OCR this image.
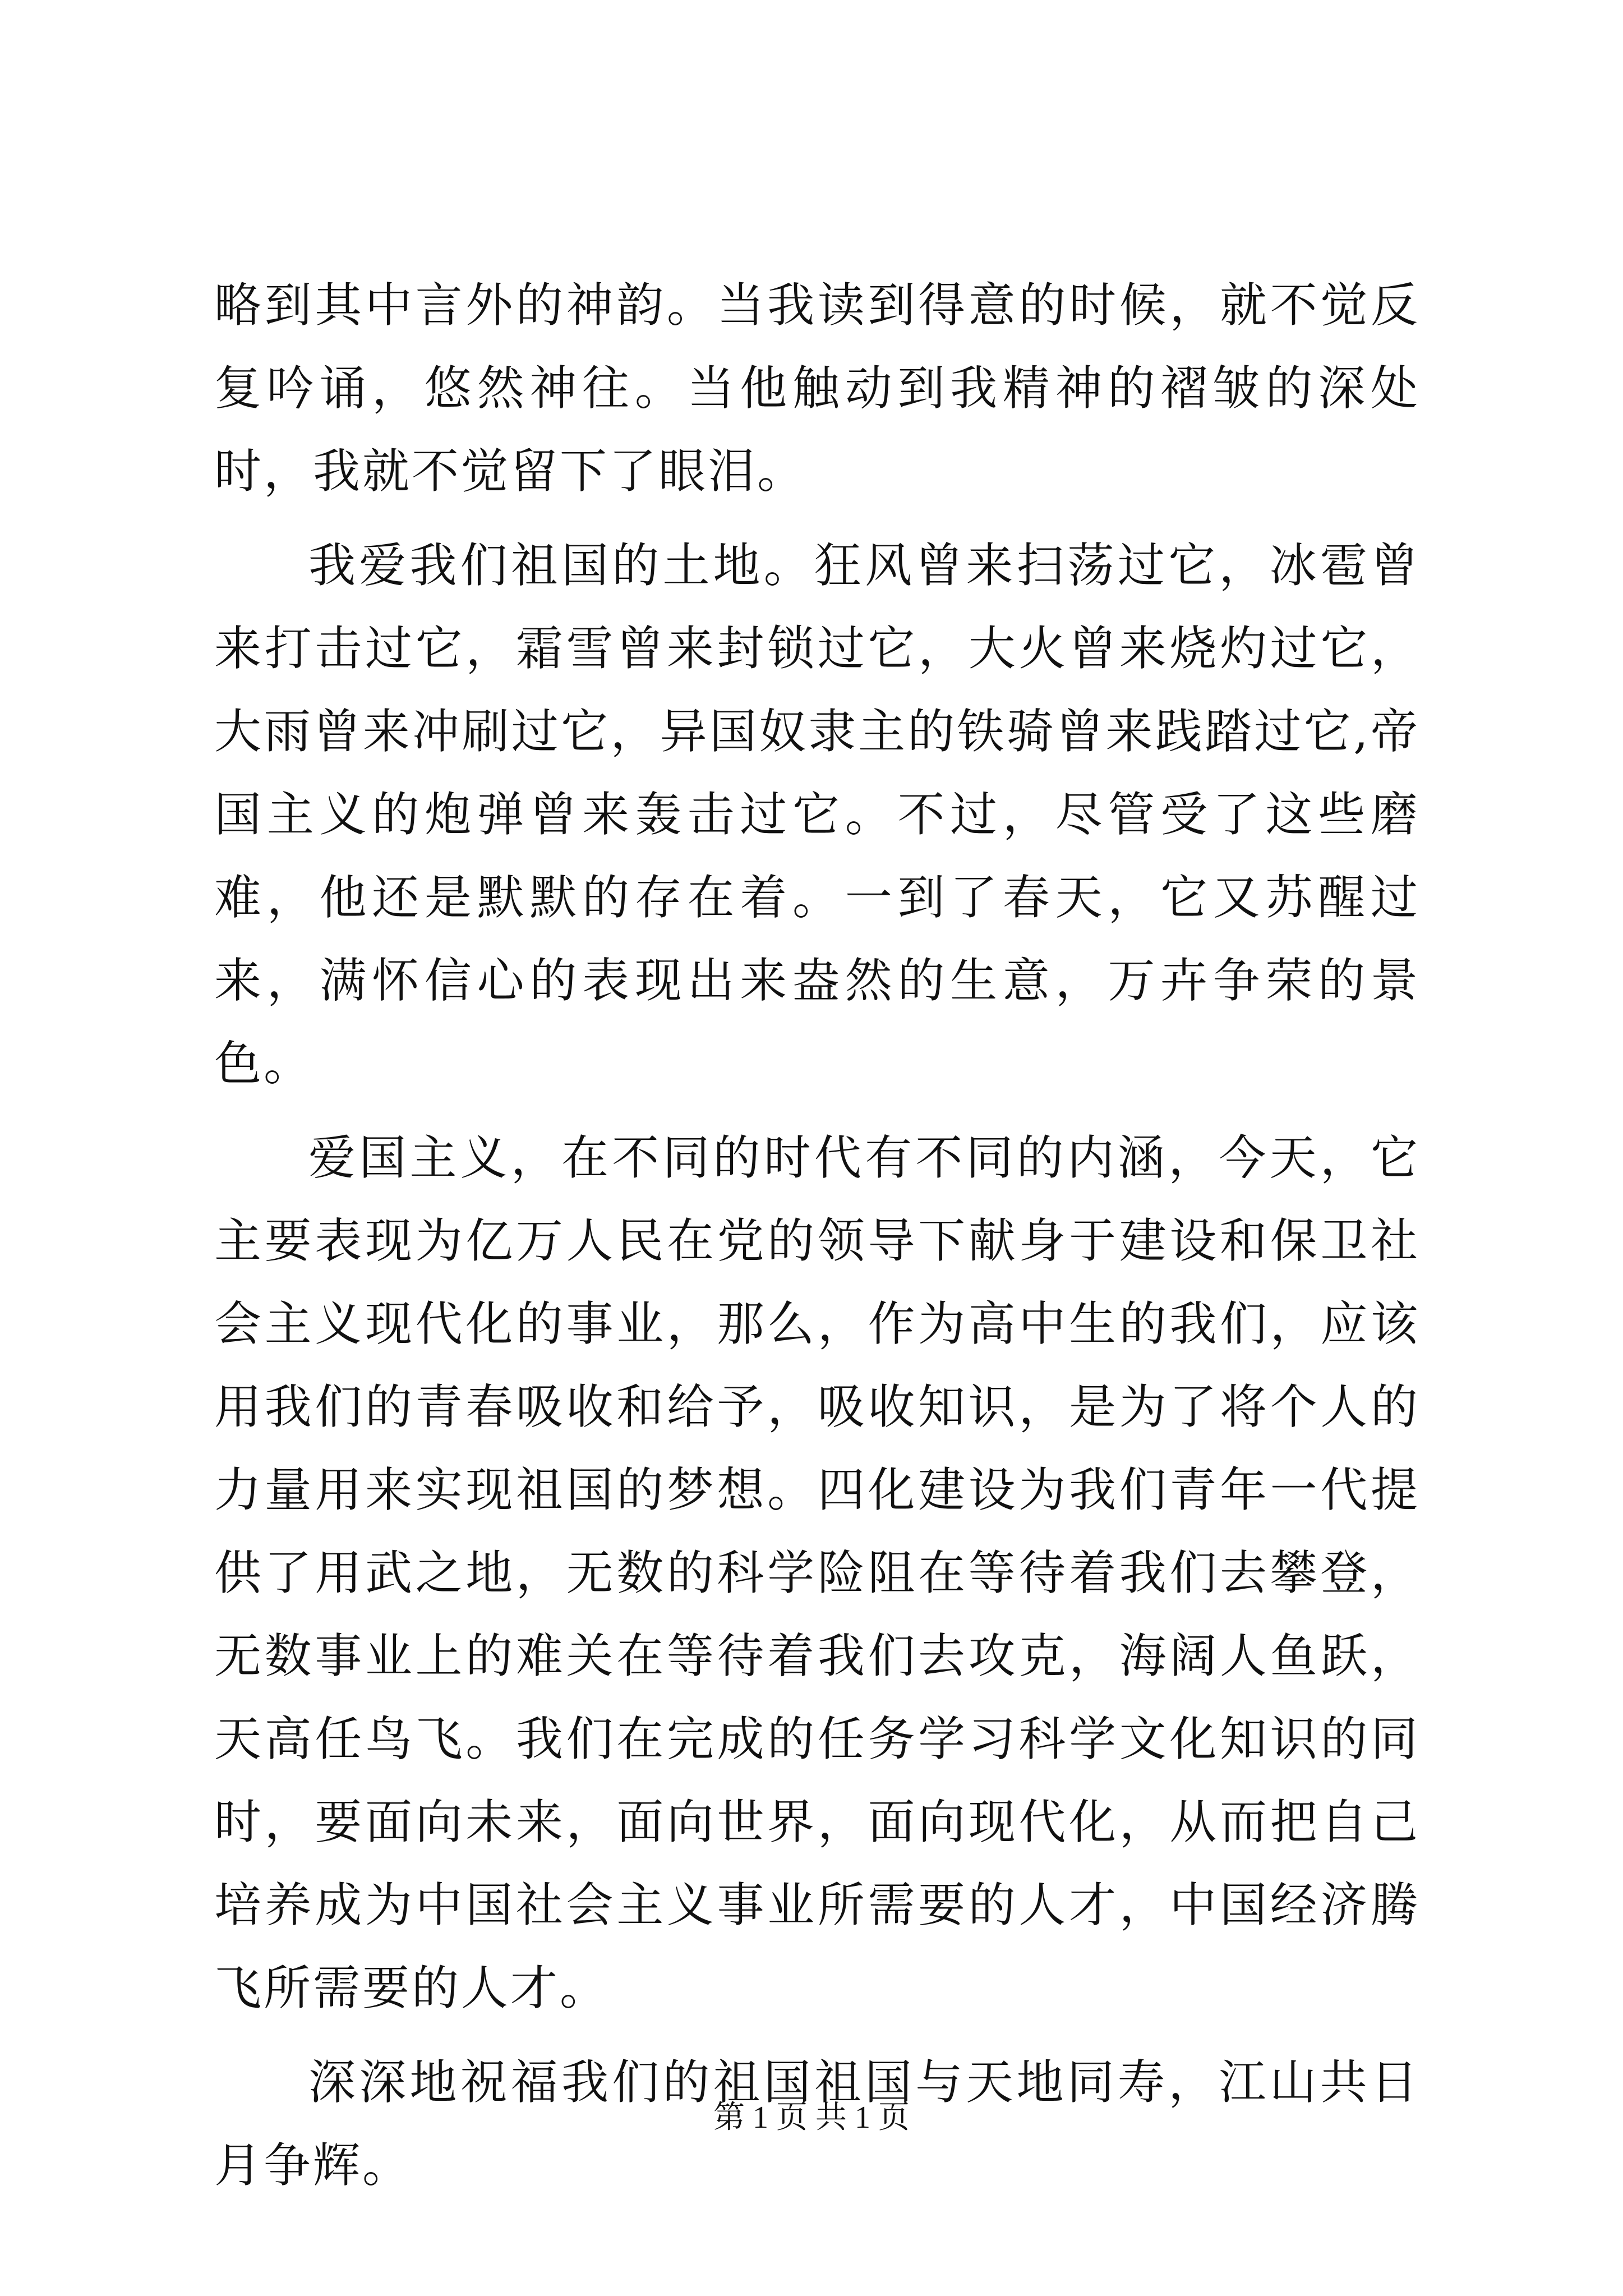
略到其中言外的神韵。当我读到得意的时候，就不觉反复吟诵，悠然神往。当他触动到我精神的褶皱的深处时，我就不觉留下了眼泪。

我爱我们祖国的土地。狂风曾来扫荡过它，冰雹曾来打击过它，霜雪曾来封锁过它，大火曾来烧灼过它，大雨曾来冲刷过它，异国奴隶主的铁骑曾来践踏过它,帝国主义的炮弹曾来轰击过它。不过，尽管受了这些磨难，他还是默默的存在着。一到了春天，它又苏醒过来，满怀信心的表现出来盎然的生意，万卉争荣的景色。

爱国主义，在不同的时代有不同的内涵，今天，它主要表现为亿万人民在党的领导下献身于建设和保卫社会主义现代化的事业，那么，作为高中生的我们，应该用我们的青春吸收和给予，吸收知识，是为了将个人的力量用来实现祖国的梦想。四化建设为我们青年一代提供了用武之地，无数的科学险阻在等待着我们去攀登，无数事业上的难关在等待着我们去攻克，海阔人鱼跃，天高任鸟飞。我们在完成的任务学习科学文化知识的同时，要面向未来，面向世界，面向现代化，从而把自己培养成为中国社会主义事业所需要的人才，中国经济腾飞所需要的人才。

深深地祝福我们的祖国祖国与天地同寿，江山共日月争辉。

第 1 页 共 1 页
